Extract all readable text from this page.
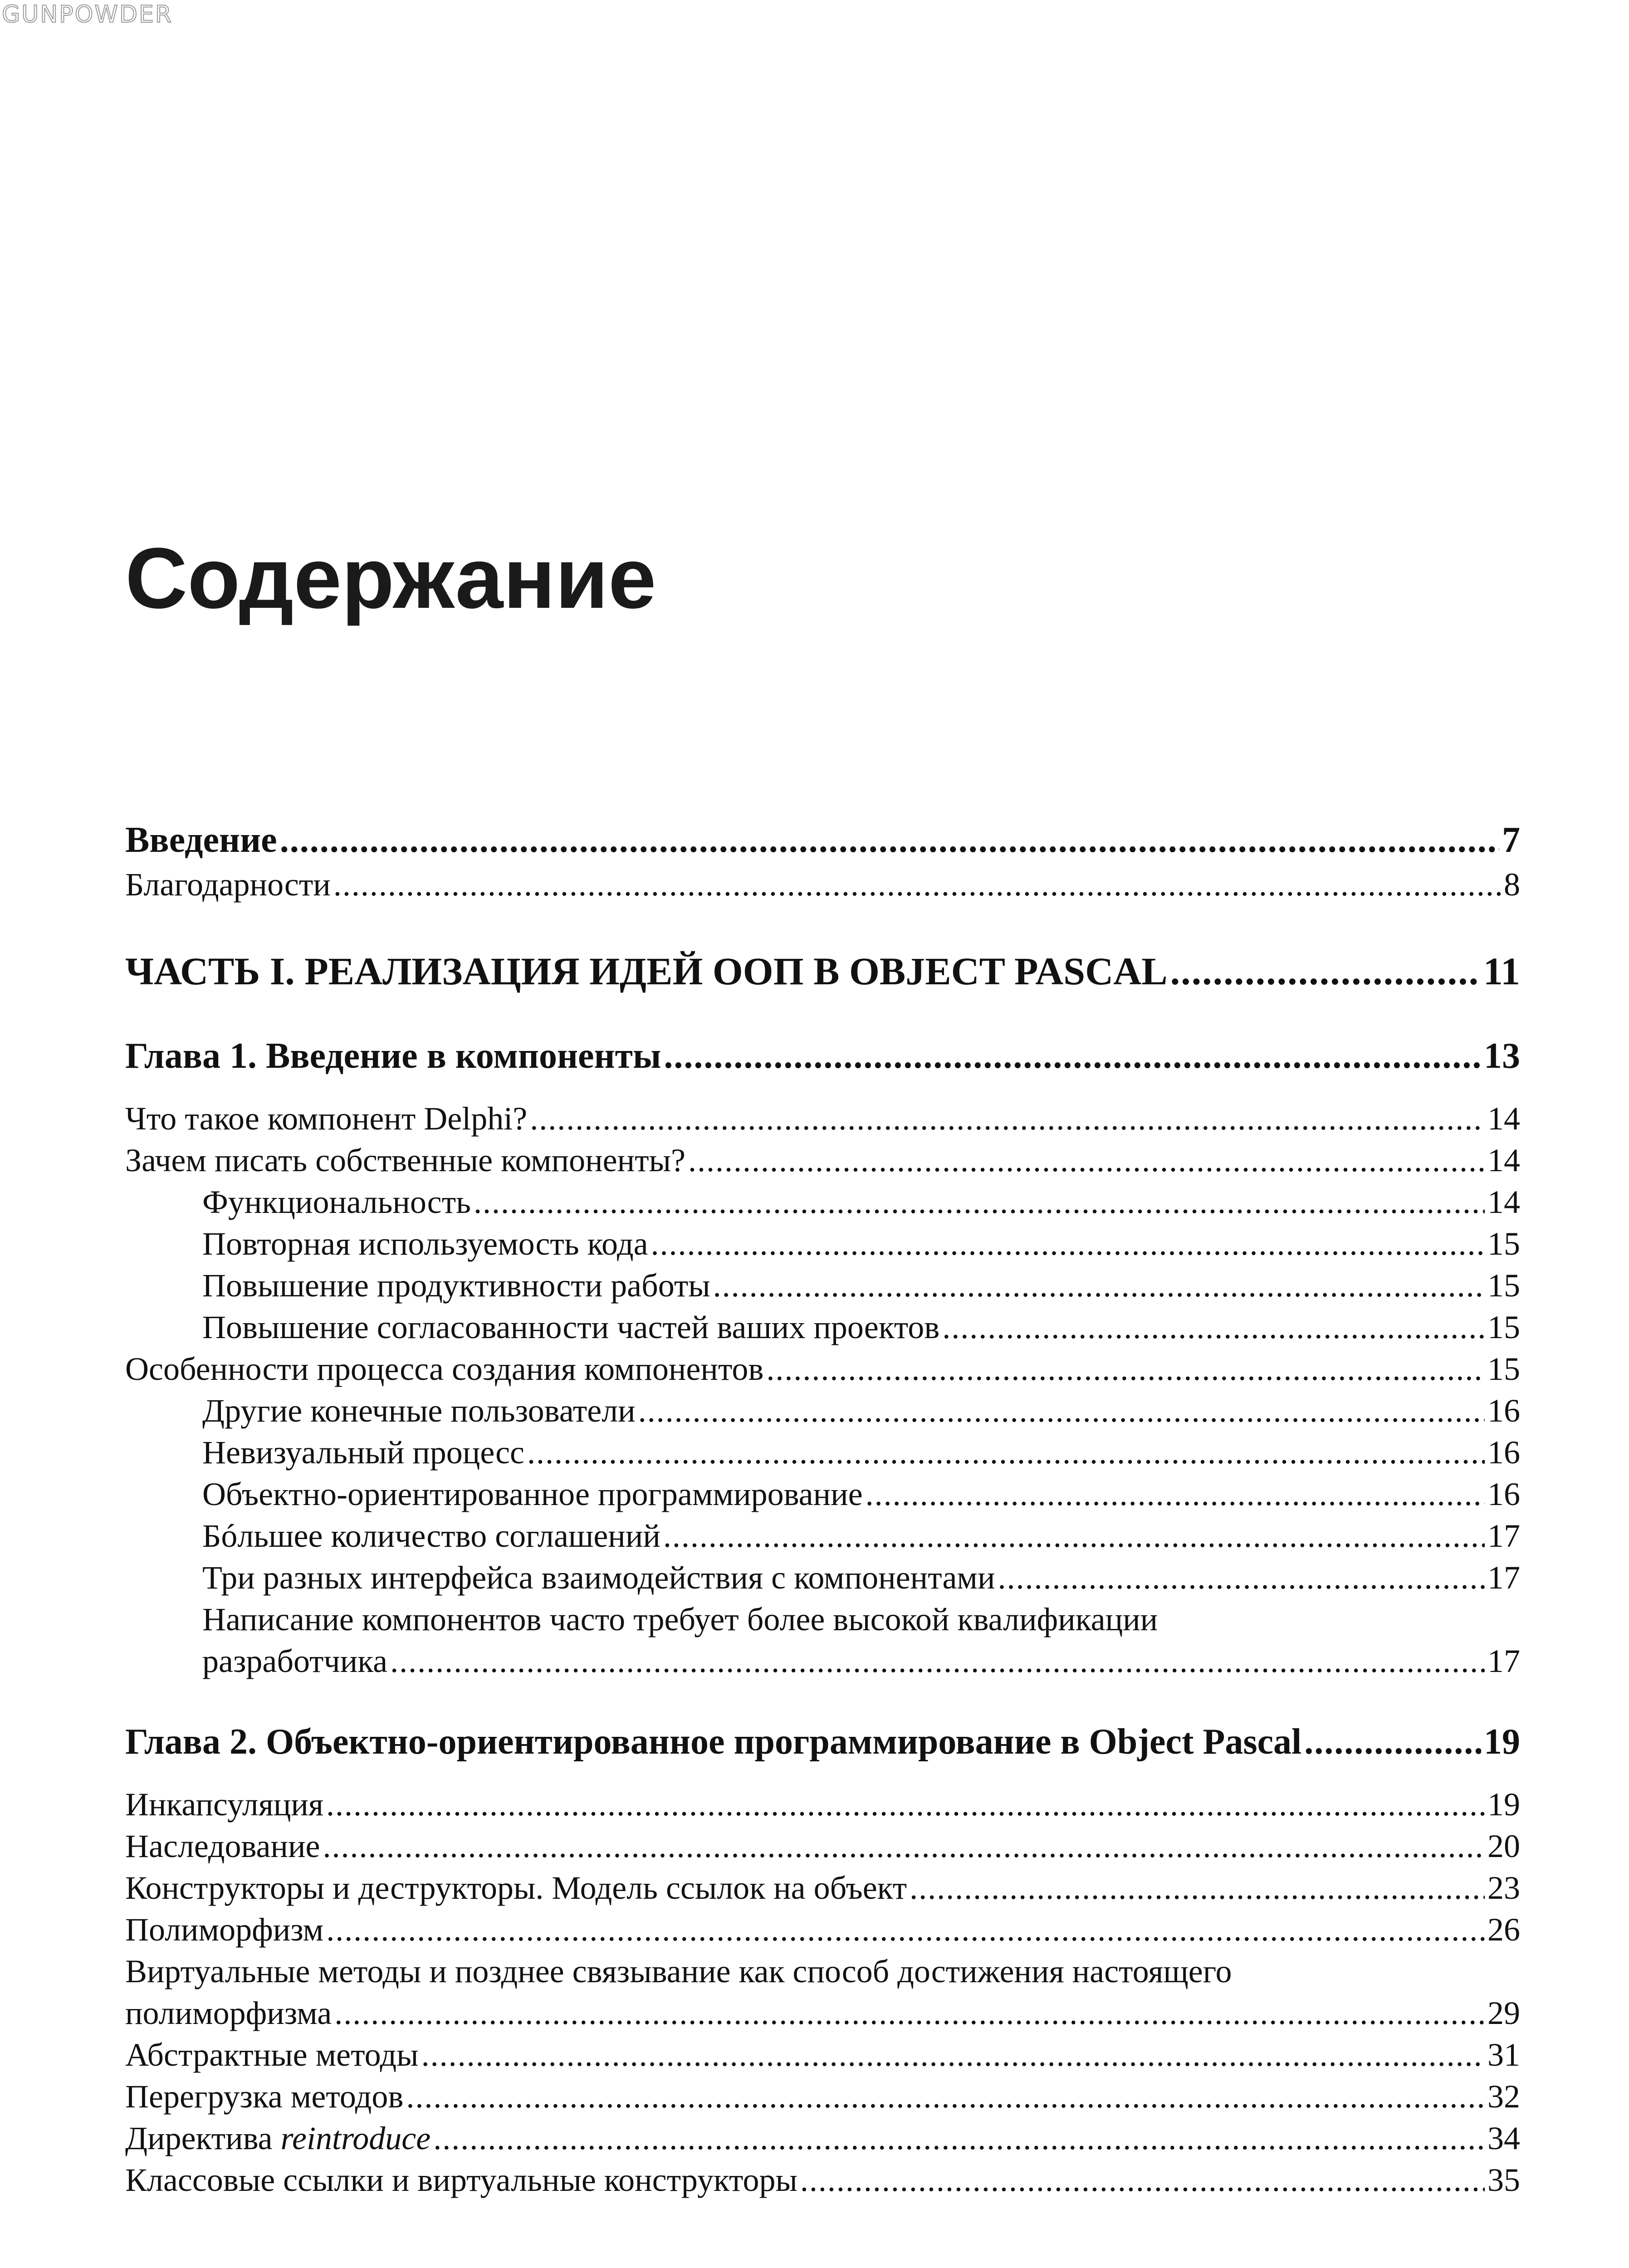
GUNPOWDER
Содержание
Введение .....	7
Благодарности .....	8
ЧАСТЬ I. РЕАЛИЗАЦИЯ ИДЕЙ ООП В OBJECT PASCAL .....	11
Глава 1. Введение в компоненты .....	13
Что такое компонент Delphi? .....	14
Зачем писать собственные компоненты? .....	14
Функциональность .....	14
Повторная используемость кода .....	15
Повышение продуктивности работы .....	15
Повышение согласованности частей ваших проектов .....	15
Особенности процесса создания компонентов .....	15
Другие конечные пользователи .....	16
Невизуальный процесс .....	16
Объектно-ориентированное программирование .....	16
Бóльшее количество соглашений .....	17
Три разных интерфейса взаимодействия с компонентами .....	17
Написание компонентов часто требует более высокой квалификации
разработчика .....	17
Глава 2. Объектно-ориентированное программирование в Object Pascal .....	19
Инкапсуляция .....	19
Наследование .....	20
Конструкторы и деструкторы. Модель ссылок на объект .....	23
Полиморфизм .....	26
Виртуальные методы и позднее связывание как способ достижения настоящего
полиморфизма .....	29
Абстрактные методы .....	31
Перегрузка методов .....	32
Директива reintroduce .....	34
Классовые ссылки и виртуальные конструкторы .....	35
